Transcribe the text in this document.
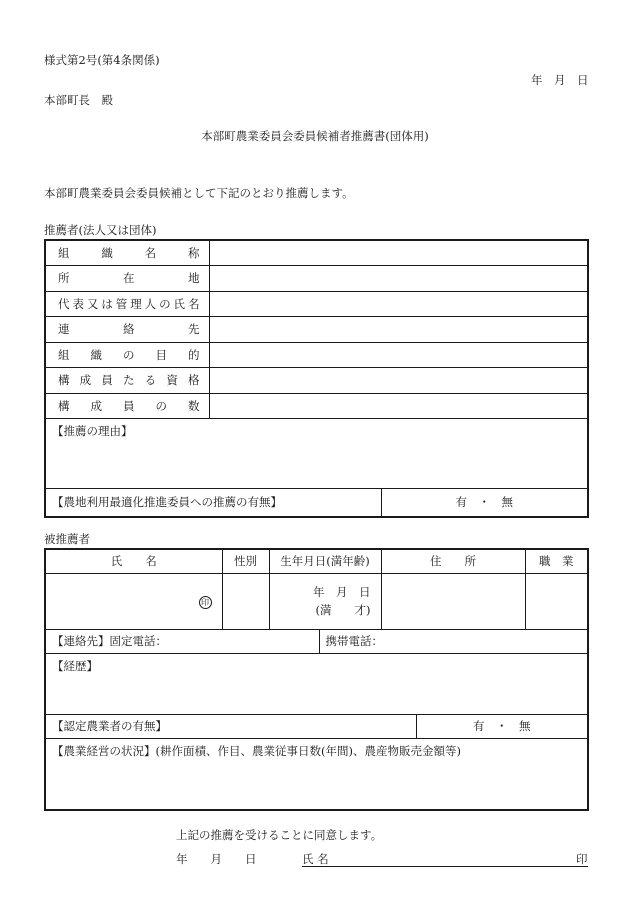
様式第2号(第4条関係)
年　月　日
本部町長　殿
本部町農業委員会委員候補者推薦書(団体用)
本部町農業委員会委員候補として下記のとおり推薦します。
推薦者(法人又は団体)
組織名称		
所在地		
代表又は管理人の氏名		
連絡先		
組織の目的		
構成員たる資格		
構成員の数		
【推薦の理由】		
【農地利用最適化推進委員への推薦の有無】		有　・　無
被推薦者
氏　　名	性別	生年月日(満年齢)		住　　所		職　業
印		年　月　日
(満　　才)				

【連絡先】固定電話：			携帯電話：			
【経歴】						
【認定農業者の有無】					有　・　無	
【農業経営の状況】(耕作面積、作目、農業従事日数(年間)、農産物販売金額等)						
上記の推薦を受けることに同意します。
年　　月　　日	氏 名	印
